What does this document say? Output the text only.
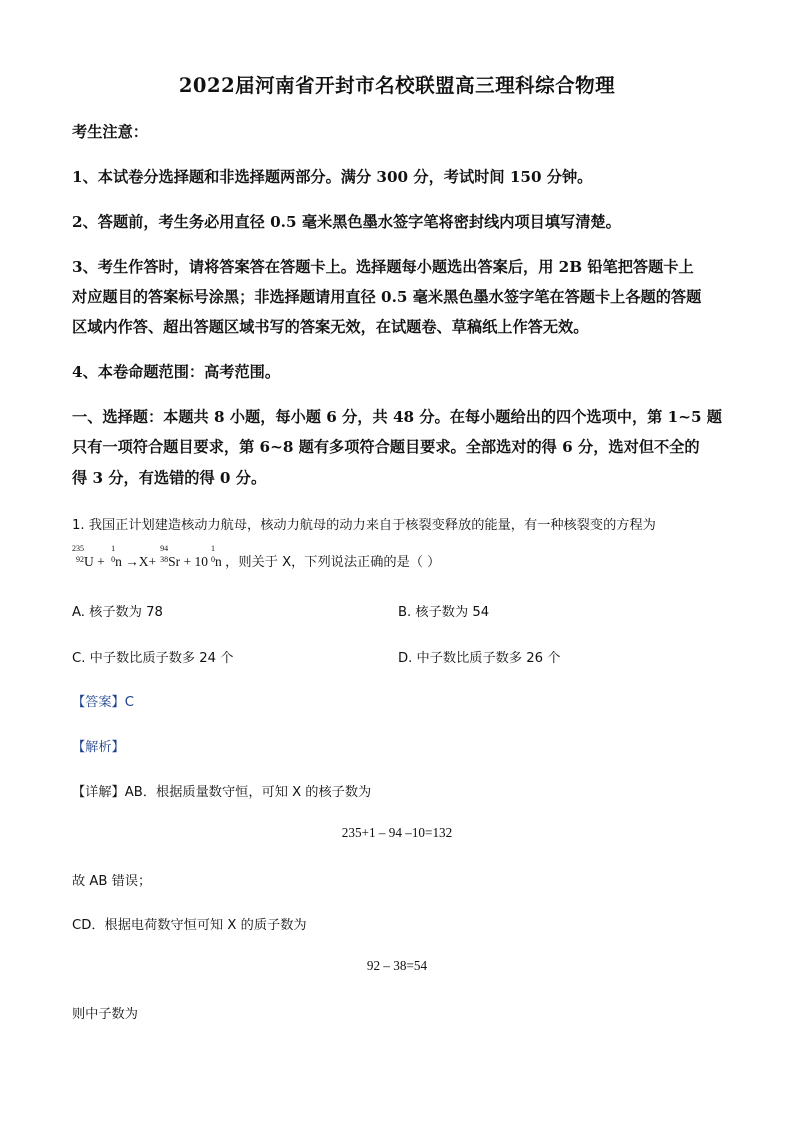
2022届河南省开封市名校联盟高三理科综合物理
考生注意：
1、本试卷分选择题和非选择题两部分。满分 300 分，考试时间 150 分钟。
2、答题前，考生务必用直径 0.5 毫米黑色墨水签字笔将密封线内项目填写清楚。
3、考生作答时，请将答案答在答题卡上。选择题每小题选出答案后，用 2B 铅笔把答题卡上
对应题目的答案标号涂黑；非选择题请用直径 0.5 毫米黑色墨水签字笔在答题卡上各题的答题
区域内作答、超出答题区域书写的答案无效，在试题卷、草稿纸上作答无效。
4、本卷命题范围：高考范围。
一、选择题：本题共 8 小题，每小题 6 分，共 48 分。在每小题给出的四个选项中，第 1~5 题
只有一项符合题目要求，第 6~8 题有多项符合题目要求。全部选对的得 6 分，选对但不全的
得 3 分，有选错的得 0 分。
1. 我国正计划建造核动力航母，核动力航母的动力来自于核裂变释放的能量，有一种核裂变的方程为
235
92 U +
1
0 n →X+
94
38 Sr + 10
1
0 n ，则关于 X，下列说法正确的是（ ）
A. 核子数为 78	B. 核子数为 54
C. 中子数比质子数多 24 个	D. 中子数比质子数多 26 个
【答案】C
【解析】
【详解】AB．根据质量数守恒，可知 X 的核子数为
235+1 – 94 –10=132
故 AB 错误；
CD．根据电荷数守恒可知 X 的质子数为
92 – 38=54
则中子数为
